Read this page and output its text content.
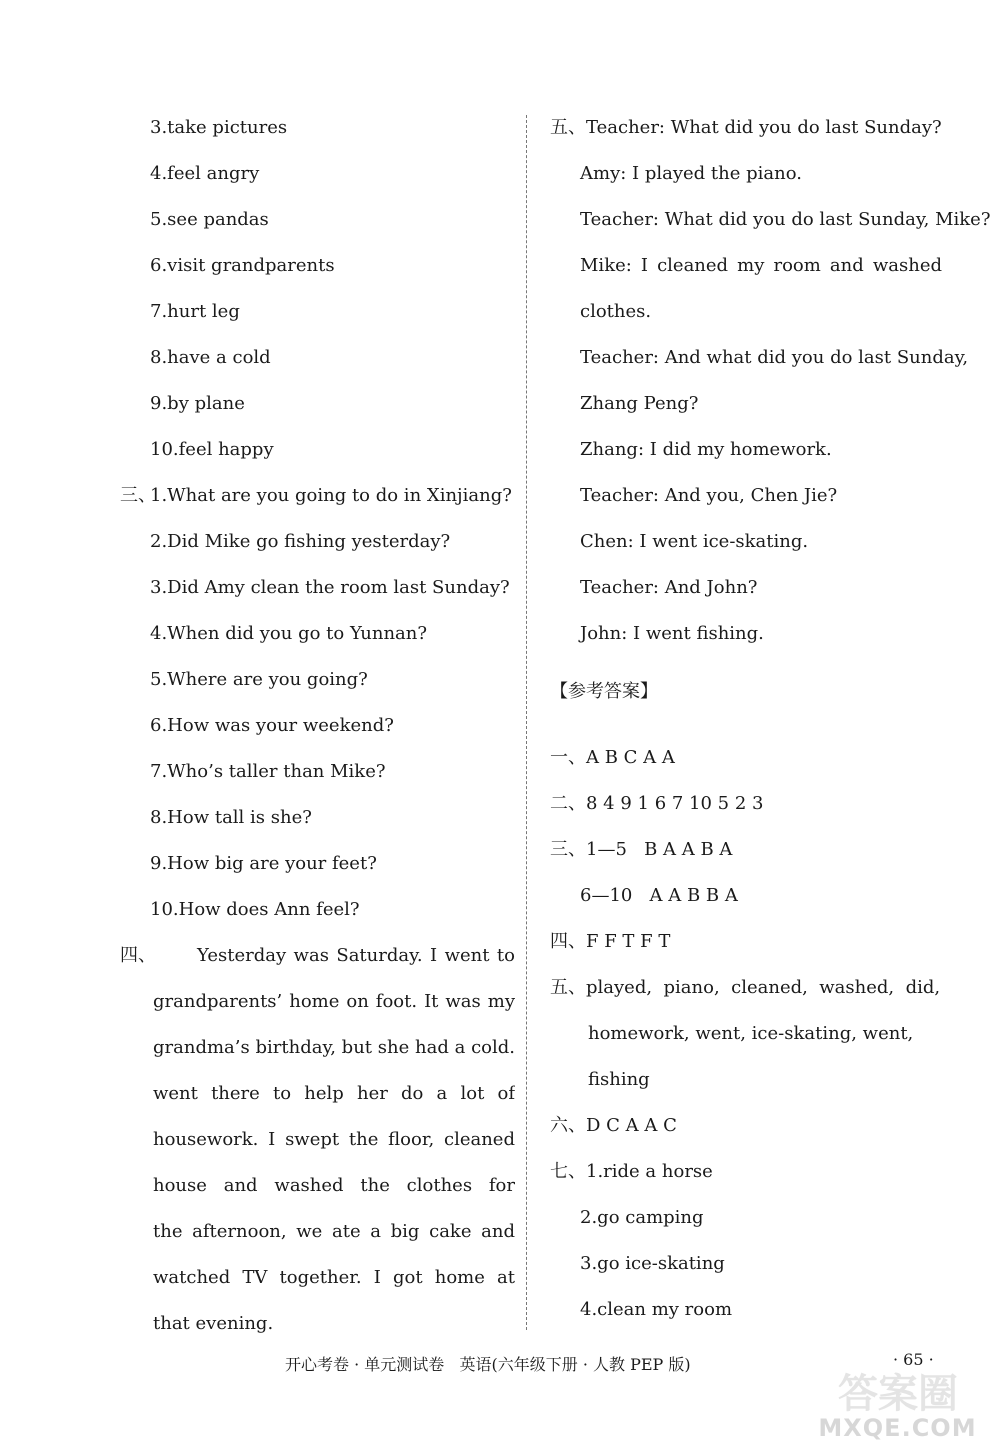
3.take pictures
4.feel angry
5.see pandas
6.visit grandparents
7.hurt leg
8.have a cold
9.by plane
10.feel happy
三、1.What are you going to do in Xinjiang?
2.Did Mike go fishing yesterday?
3.Did Amy clean the room last Sunday?
4.When did you go to Yunnan?
5.Where are you going?
6.How was your weekend?
7.Who’s taller than Mike?
8.How tall is she?
9.How big are your feet?
10.How does Ann feel?
四、	Yesterday was Saturday. I went to
grandparents’ home on foot. It was my
grandma’s birthday, but she had a cold.
went there to help her do a lot of
housework. I swept the floor, cleaned
house and washed the clothes for
the afternoon, we ate a big cake and
watched TV together. I got home at
that evening.
五、Teacher: What did you do last Sunday?
Amy: I played the piano.
Teacher: What did you do last Sunday, Mike?
Mike: I cleaned my room and washed
clothes.
Teacher: And what did you do last Sunday,
Zhang Peng?
Zhang: I did my homework.
Teacher: And you, Chen Jie?
Chen: I went ice-skating.
Teacher: And John?
John: I went fishing.
【参考答案】
一、A B C A A
二、8 4 9 1 6 7 10 5 2 3
三、1—5   B A A B A
6—10   A A B B A
四、F F T F T
五、played,  piano,  cleaned,  washed,  did,
homework, went, ice-skating, went,
fishing
六、D C A A C
七、1.ride a horse
2.go camping
3.go ice-skating
4.clean my room
开心考卷 · 单元测试卷   英语(六年级下册 · 人教 PEP 版)	· 65 ·
答案圈
MXQE.COM
